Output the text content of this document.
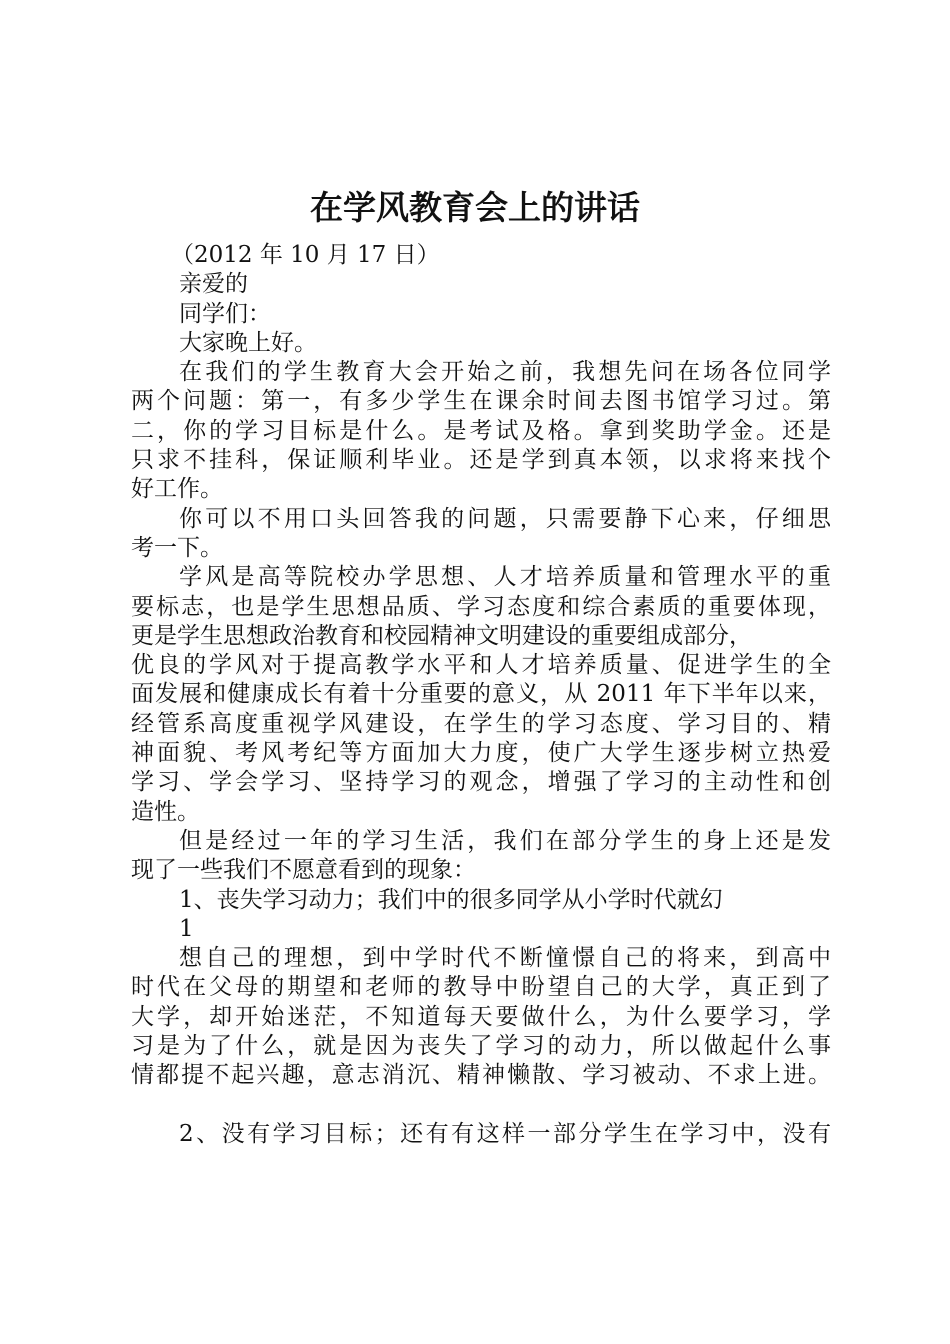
在学风教育会上的讲话
（2012 年 10 月 17 日）
亲爱的
同学们：
大家晚上好。
在我们的学生教育大会开始之前，我想先问在场各位同学
两个问题：第一，有多少学生在课余时间去图书馆学习过。第
二，你的学习目标是什么。是考试及格。拿到奖助学金。还是
只求不挂科，保证顺利毕业。还是学到真本领，以求将来找个
好工作。
你可以不用口头回答我的问题，只需要静下心来，仔细思
考一下。
学风是高等院校办学思想、人才培养质量和管理水平的重
要标志，也是学生思想品质、学习态度和综合素质的重要体现，
更是学生思想政治教育和校园精神文明建设的重要组成部分，
优良的学风对于提高教学水平和人才培养质量、促进学生的全
面发展和健康成长有着十分重要的意义，从 2011 年下半年以来，
经管系高度重视学风建设，在学生的学习态度、学习目的、精
神面貌、考风考纪等方面加大力度，使广大学生逐步树立热爱
学习、学会学习、坚持学习的观念，增强了学习的主动性和创
造性。
但是经过一年的学习生活，我们在部分学生的身上还是发
现了一些我们不愿意看到的现象：
1、丧失学习动力；我们中的很多同学从小学时代就幻
1
想自己的理想，到中学时代不断憧憬自己的将来，到高中
时代在父母的期望和老师的教导中盼望自己的大学，真正到了
大学，却开始迷茫，不知道每天要做什么，为什么要学习，学
习是为了什么，就是因为丧失了学习的动力，所以做起什么事
情都提不起兴趣，意志消沉、精神懒散、学习被动、不求上进。
2、没有学习目标；还有有这样一部分学生在学习中，没有
